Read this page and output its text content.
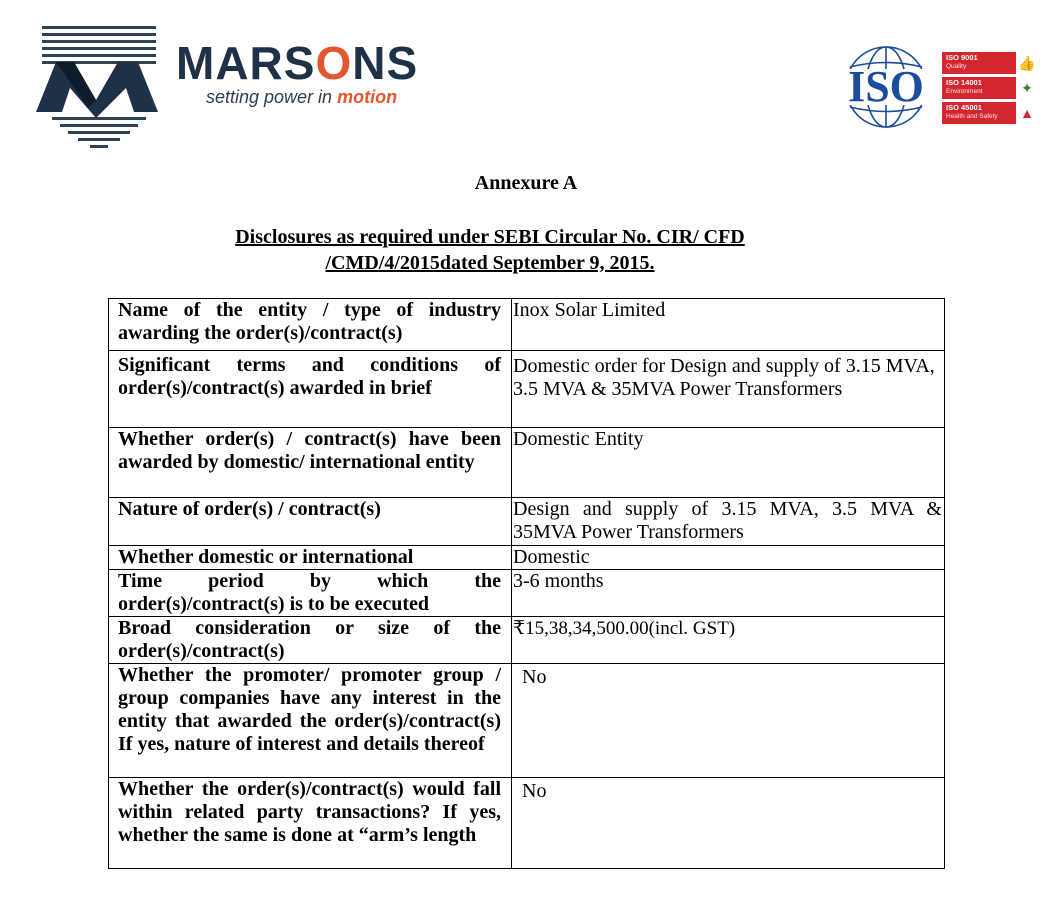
MARSONS
setting power in motion	ISO
ISO 9001
Quality	👍
ISO 14001
Environment	✦
ISO 45001
Health and Safety	▲
Annexure A
Disclosures as required under SEBI Circular No. CIR/ CFD
/CMD/4/2015dated September 9, 2015.
Name of the entity / type of industry awarding the order(s)/contract(s)	Inox Solar Limited
Significant terms and conditions of order(s)/contract(s) awarded in brief	Domestic order for Design and supply of 3.15 MVA, 3.5 MVA & 35MVA Power Transformers
Whether order(s) / contract(s) have been awarded by domestic/ international entity	Domestic Entity
Nature of order(s) / contract(s)	Design and supply of 3.15 MVA, 3.5 MVA & 35MVA Power Transformers
Whether domestic or international	Domestic
Time period by which the order(s)/contract(s) is to be executed	3-6 months
Broad consideration or size of the order(s)/contract(s)	₹15,38,34,500.00(incl. GST)
Whether the promoter/ promoter group / group companies have any interest in the entity that awarded the order(s)/contract(s) If yes, nature of interest and details thereof	No
Whether the order(s)/contract(s) would fall within related party transactions? If yes, whether the same is done at “arm’s length	No
